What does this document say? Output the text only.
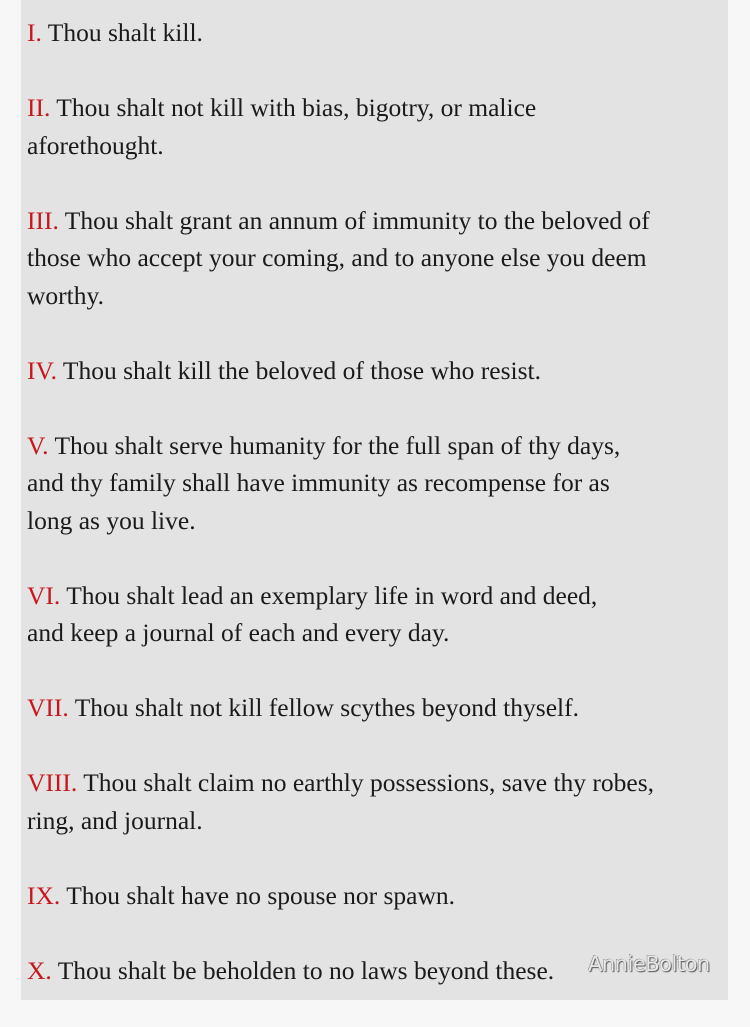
I. Thou shalt kill.
II. Thou shalt not kill with bias, bigotry, or malice
aforethought.
III. Thou shalt grant an annum of immunity to the beloved of
those who accept your coming, and to anyone else you deem
worthy.
IV. Thou shalt kill the beloved of those who resist.
V. Thou shalt serve humanity for the full span of thy days,
and thy family shall have immunity as recompense for as
long as you live.
VI. Thou shalt lead an exemplary life in word and deed,
and keep a journal of each and every day.
VII. Thou shalt not kill fellow scythes beyond thyself.
VIII. Thou shalt claim no earthly possessions, save thy robes,
ring, and journal.
IX. Thou shalt have no spouse nor spawn.
X. Thou shalt be beholden to no laws beyond these.	AnnieBolton
